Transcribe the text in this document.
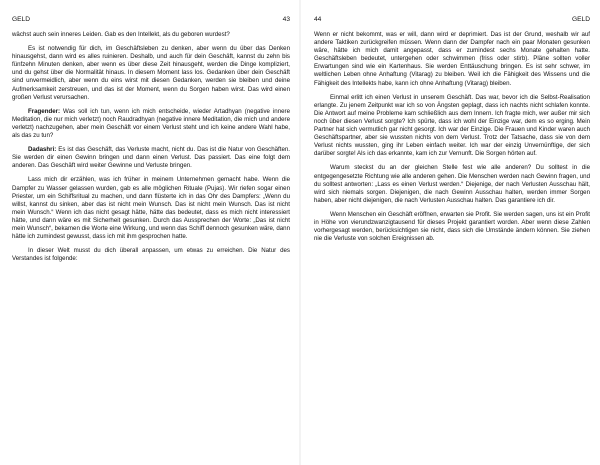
GELD	43

wächst auch sein inneres Leiden. Gab es den Intellekt, als du geboren wurdest?

Es ist notwendig für dich, im Geschäftsleben zu denken, aber wenn du über das Denken hinausgehst, dann wird es alles ruinieren. Deshalb, und auch für dein Geschäft, kannst du zehn bis fünfzehn Minuten denken, aber wenn es über diese Zeit hinausgeht, werden die Dinge kompliziert, und du gehst über die Normalität hinaus. In diesem Moment lass los. Gedanken über dein Geschäft sind unvermeidlich, aber wenn du eins wirst mit diesen Gedanken, werden sie bleiben und deine Aufmerksamkeit zerstreuen, und das ist der Moment, wenn du Sorgen haben wirst. Das wird einen großen Verlust verursachen.

Fragender: Was soll ich tun, wenn ich mich entscheide, wieder Artadhyan (negative innere Meditation, die nur mich verletzt) noch Raudradhyan (negative innere Meditation, die mich und andere verletzt) nachzugehen, aber mein Geschäft vor einem Verlust steht und ich keine andere Wahl habe, als das zu tun?

Dadashri: Es ist das Geschäft, das Verluste macht, nicht du. Das ist die Natur von Geschäften. Sie werden dir einen Gewinn bringen und dann einen Verlust. Das passiert. Das eine folgt dem anderen. Das Geschäft wird weiter Gewinne und Verluste bringen.

Lass mich dir erzählen, was ich früher in meinem Unternehmen gemacht habe. Wenn die Dampfer zu Wasser gelassen wurden, gab es alle möglichen Rituale (Pujas). Wir riefen sogar einen Priester, um ein Schiffsritual zu machen, und dann flüsterte ich in das Ohr des Dampfers: „Wenn du willst, kannst du sinken, aber das ist nicht mein Wunsch. Das ist nicht mein Wunsch. Das ist nicht mein Wunsch.“ Wenn ich das nicht gesagt hätte, hätte das bedeutet, dass es mich nicht interessiert hätte, und dann wäre es mit Sicherheit gesunken. Durch das Aussprechen der Worte: „Das ist nicht mein Wunsch“, bekamen die Worte eine Wirkung, und wenn das Schiff dennoch gesunken wäre, dann hätte ich zumindest gewusst, dass ich mit ihm gesprochen hatte.

In dieser Welt musst du dich überall anpassen, um etwas zu erreichen. Die Natur des Verstandes ist folgende:

44	GELD

Wenn er nicht bekommt, was er will, dann wird er deprimiert. Das ist der Grund, weshalb wir auf andere Taktiken zurückgreifen müssen. Wenn dann der Dampfer nach ein paar Monaten gesunken wäre, hätte ich mich damit angepasst, dass er zumindest sechs Monate gehalten hatte. Geschäftsleben bedeutet, untergehen oder schwimmen (friss oder stirb). Pläne sollten voller Erwartungen sind wie ein Kartenhaus. Sie werden Enttäuschung bringen. Es ist sehr schwer, im weltlichen Leben ohne Anhaftung (Vitarag) zu bleiben. Weil ich die Fähigkeit des Wissens und die Fähigkeit des Intellekts habe, kann ich ohne Anhaftung (Vitarag) bleiben.

Einmal erlitt ich einen Verlust in unserem Geschäft. Das war, bevor ich die Selbst-Realisation erlangte. Zu jenem Zeitpunkt war ich so von Ängsten geplagt, dass ich nachts nicht schlafen konnte. Die Antwort auf meine Probleme kam schließlich aus dem Innern. Ich fragte mich, wer außer mir sich noch über diesen Verlust sorgte? Ich spürte, dass ich wohl der Einzige war, dem es so erging. Mein Partner hat sich vermutlich gar nicht gesorgt. Ich war der Einzige. Die Frauen und Kinder waren auch Geschäftspartner, aber sie wussten nichts von dem Verlust. Trotz der Tatsache, dass sie von dem Verlust nichts wussten, ging ihr Leben einfach weiter. Ich war der einzig Unvernünftige, der sich darüber sorgte! Als ich das erkannte, kam ich zur Vernunft. Die Sorgen hörten auf.

Warum steckst du an der gleichen Stelle fest wie alle anderen? Du solltest in die entgegengesetzte Richtung wie alle anderen gehen. Die Menschen werden nach Gewinn fragen, und du solltest antworten: „Lass es einen Verlust werden.“ Diejenige, der nach Verlusten Ausschau hält, wird sich niemals sorgen. Diejenigen, die nach Gewinn Ausschau halten, werden immer Sorgen haben, aber nicht diejenigen, die nach Verlusten Ausschau halten. Das garantiere ich dir.

Wenn Menschen ein Geschäft eröffnen, erwarten sie Profit. Sie werden sagen, uns ist ein Profit in Höhe von vierundzwanzigtausend für dieses Projekt garantiert worden. Aber wenn diese Zahlen vorhergesagt werden, berücksichtigen sie nicht, dass sich die Umstände ändern können. Sie ziehen nie die Verluste von solchen Ereignissen ab.
